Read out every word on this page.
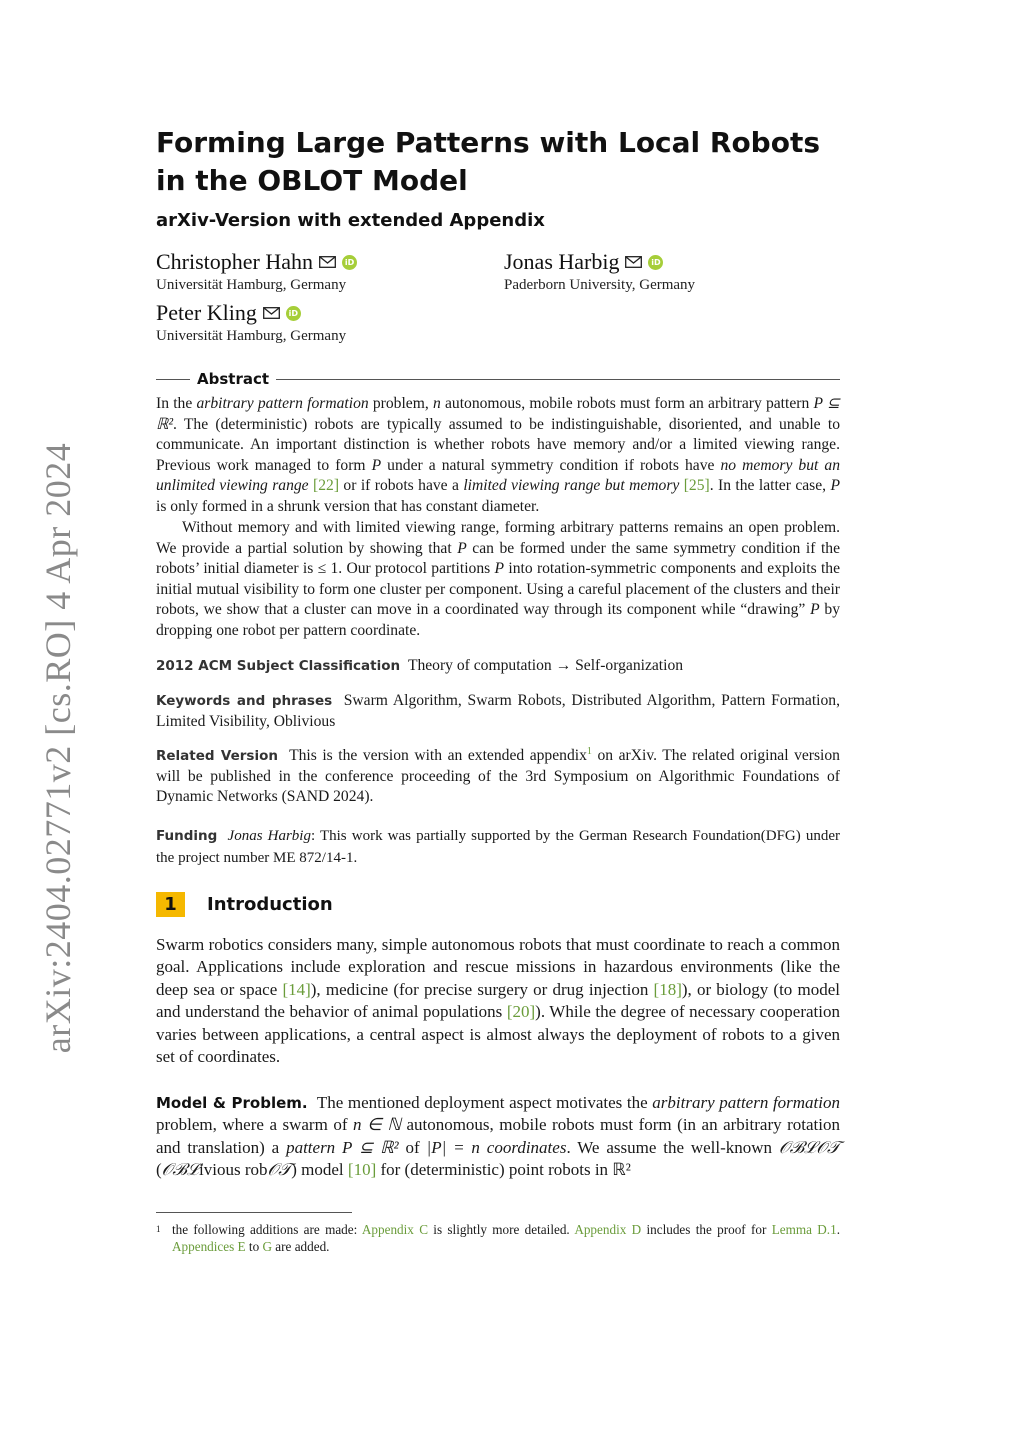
arXiv:2404.02771v2 [cs.RO] 4 Apr 2024
Forming Large Patterns with Local Robots
in the OBLOT Model
arXiv-Version with extended Appendix
Christopher Hahn	iD
Universität Hamburg, Germany
Jonas Harbig	iD
Paderborn University, Germany
Peter Kling	iD
Universität Hamburg, Germany
Abstract
In the arbitrary pattern formation problem, n autonomous, mobile robots must form an arbitrary pattern P ⊆ ℝ². The (deterministic) robots are typically assumed to be indistinguishable, disoriented, and unable to communicate. An important distinction is whether robots have memory and/or a limited viewing range. Previous work managed to form P under a natural symmetry condition if robots have no memory but an unlimited viewing range [22] or if robots have a limited viewing range but memory [25]. In the latter case, P is only formed in a shrunk version that has constant diameter.
Without memory and with limited viewing range, forming arbitrary patterns remains an open problem. We provide a partial solution by showing that P can be formed under the same symmetry condition if the robots’ initial diameter is ≤ 1. Our protocol partitions P into rotation-symmetric components and exploits the initial mutual visibility to form one cluster per component. Using a careful placement of the clusters and their robots, we show that a cluster can move in a coordinated way through its component while “drawing” P by dropping one robot per pattern coordinate.
2012 ACM Subject Classification Theory of computation → Self-organization
Keywords and phrases Swarm Algorithm, Swarm Robots, Distributed Algorithm, Pattern Formation, Limited Visibility, Oblivious
Related Version This is the version with an extended appendix$^1$ on arXiv. The related original version will be published in the conference proceeding of the 3rd Symposium on Algorithmic Foundations of Dynamic Networks (SAND 2024).
Funding Jonas Harbig: This work was partially supported by the German Research Foundation(DFG) under the project number ME 872/14-1.
1	Introduction
Swarm robotics considers many, simple autonomous robots that must coordinate to reach a common goal. Applications include exploration and rescue missions in hazardous environments (like the deep sea or space [14]), medicine (for precise surgery or drug injection [18]), or biology (to model and understand the behavior of animal populations [20]). While the degree of necessary cooperation varies between applications, a central aspect is almost always the deployment of robots to a given set of coordinates.
Model & Problem. The mentioned deployment aspect motivates the arbitrary pattern formation problem, where a swarm of n ∈ ℕ autonomous, mobile robots must form (in an arbitrary rotation and translation) a pattern P ⊆ ℝ² of |P| = n coordinates. We assume the well-known 𝒪ℬℒ𝒪𝒯 (𝒪ℬℒivious rob𝒪𝒯) model [10] for (deterministic) point robots in ℝ²
1 the following additions are made: Appendix C is slightly more detailed. Appendix D includes the proof for Lemma D.1. Appendices E to G are added.
